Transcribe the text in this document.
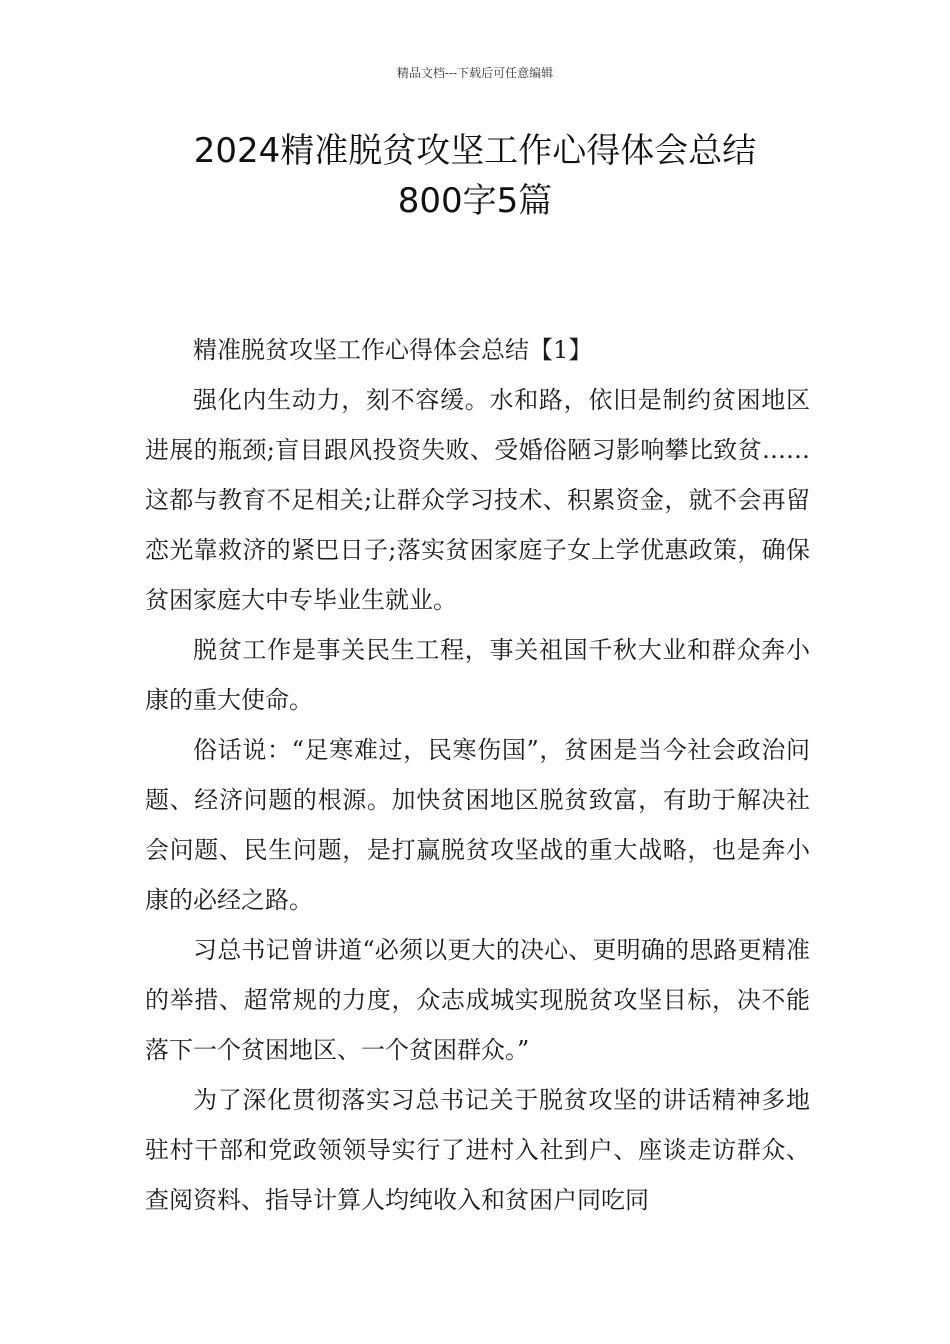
精品文档---下载后可任意编辑
2024精准脱贫攻坚工作心得体会总结
800字5篇

精准脱贫攻坚工作心得体会总结【1】

强化内生动力，刻不容缓。水和路，依旧是制约贫困地区进展的瓶颈;盲目跟风投资失败、受婚俗陋习影响攀比致贫……这都与教育不足相关;让群众学习技术、积累资金，就不会再留恋光靠救济的紧巴日子;落实贫困家庭子女上学优惠政策，确保贫困家庭大中专毕业生就业。

脱贫工作是事关民生工程，事关祖国千秋大业和群众奔小康的重大使命。

俗话说：“足寒难过，民寒伤国”，贫困是当今社会政治问题、经济问题的根源。加快贫困地区脱贫致富，有助于解决社会问题、民生问题，是打赢脱贫攻坚战的重大战略，也是奔小康的必经之路。

习总书记曾讲道“必须以更大的决心、更明确的思路更精准的举措、超常规的力度，众志成城实现脱贫攻坚目标，决不能落下一个贫困地区、一个贫困群众。”

为了深化贯彻落实习总书记关于脱贫攻坚的讲话精神多地驻村干部和党政领领导实行了进村入社到户、座谈走访群众、查阅资料、指导计算人均纯收入和贫困户同吃同
